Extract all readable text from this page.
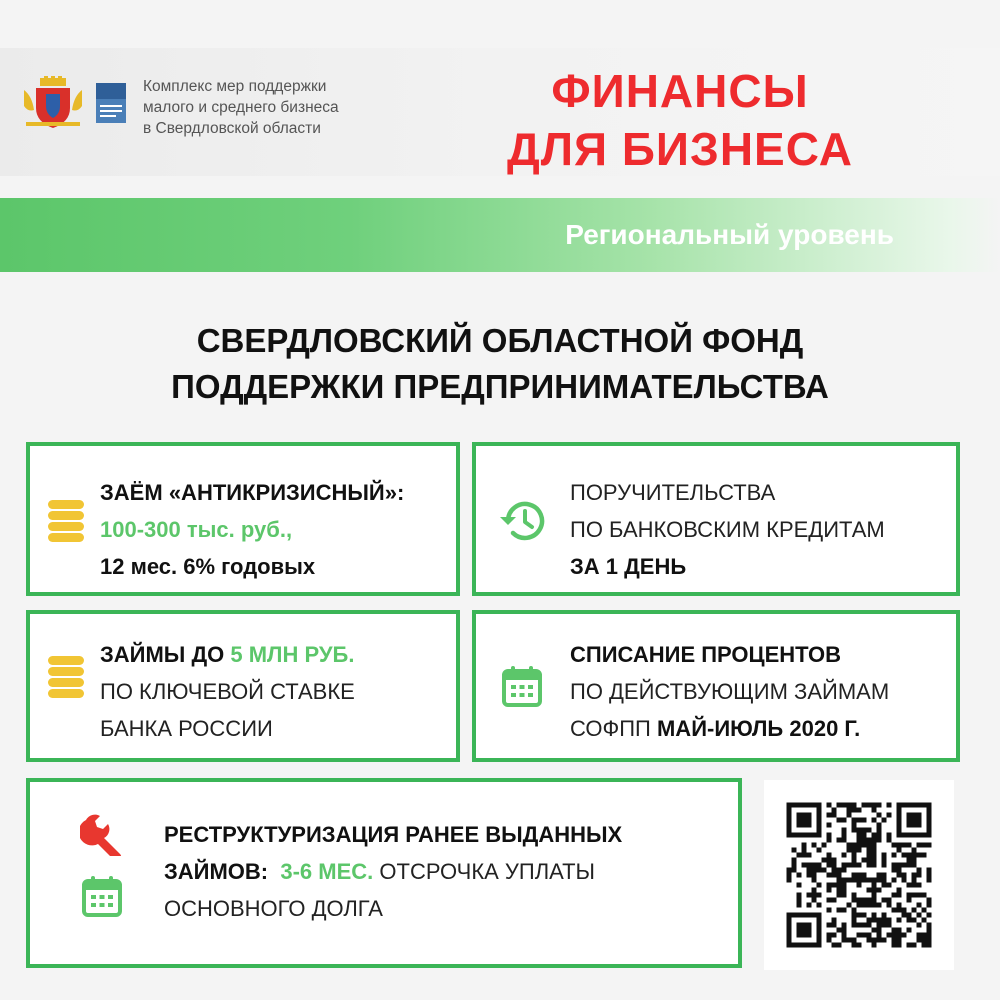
Комплекс мер поддержки
малого и среднего бизнеса
в Свердловской области
ФИНАНСЫ
ДЛЯ БИЗНЕСА
Региональный уровень
СВЕРДЛОВСКИЙ ОБЛАСТНОЙ ФОНД
ПОДДЕРЖКИ ПРЕДПРИНИМАТЕЛЬСТВА
ЗАЁМ «АНТИКРИЗИСНЫЙ»:
100-300 тыс. руб.,
12 мес. 6% годовых
ПОРУЧИТЕЛЬСТВА
ПО БАНКОВСКИМ КРЕДИТАМ
ЗА 1 ДЕНЬ
ЗАЙМЫ ДО 5 МЛН РУБ.
ПО КЛЮЧЕВОЙ СТАВКЕ
БАНКА РОССИИ
СПИСАНИЕ ПРОЦЕНТОВ
ПО ДЕЙСТВУЮЩИМ ЗАЙМАМ
СОФПП МАЙ-ИЮЛЬ 2020 Г.
РЕСТРУКТУРИЗАЦИЯ РАНЕЕ ВЫДАННЫХ
ЗАЙМОВ: 3-6 МЕС. ОТСРОЧКА УПЛАТЫ
ОСНОВНОГО ДОЛГА
